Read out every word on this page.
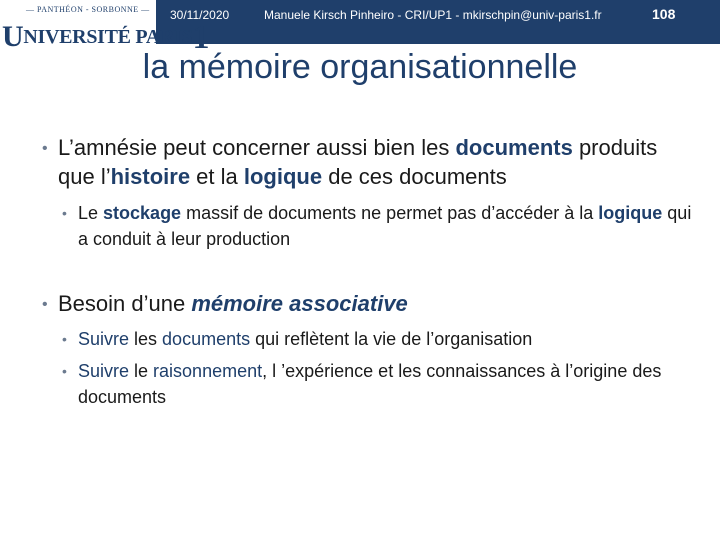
— PANTHÉON - SORBONNE —
UNIVERSITÉ PARIS1
30/11/2020	Manuele Kirsch Pinheiro - CRI/UP1 - mkirschpin@univ-paris1.fr	108
la mémoire organisationnelle

• L’amnésie peut concerner aussi bien les documents produits que l’histoire et la logique de ces documents

• Le stockage massif de documents ne permet pas d’accéder à la logique qui a conduit à leur production

• Besoin d’une mémoire associative

• Suivre les documents qui reflètent la vie de l’organisation

• Suivre le raisonnement, l ’expérience et les connaissances à l’origine des documents
